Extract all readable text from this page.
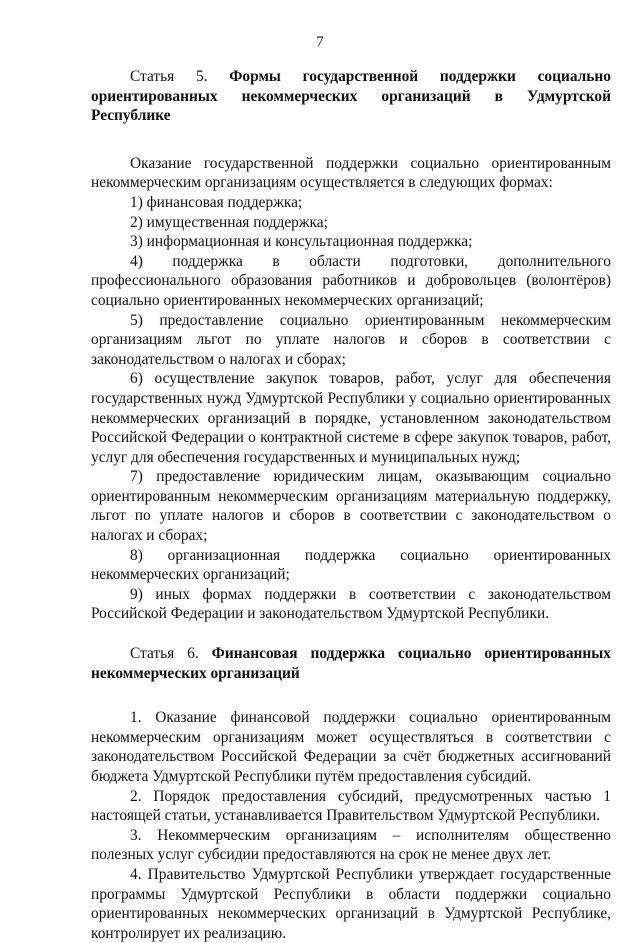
7

Статья 5. Формы государственной поддержки социально ориентированных некоммерческих организаций в Удмуртской Республике

Оказание государственной поддержки социально ориентированным некоммерческим организациям осуществляется в следующих формах:

1) финансовая поддержка;

2) имущественная поддержка;

3) информационная и консультационная поддержка;

4) поддержка в области подготовки, дополнительного профессионального образования работников и добровольцев (волонтёров) социально ориентированных некоммерческих организаций;

5) предоставление социально ориентированным некоммерческим организациям льгот по уплате налогов и сборов в соответствии с законодательством о налогах и сборах;

6) осуществление закупок товаров, работ, услуг для обеспечения государственных нужд Удмуртской Республики у социально ориентированных некоммерческих организаций в порядке, установленном законодательством Российской Федерации о контрактной системе в сфере закупок товаров, работ, услуг для обеспечения государственных и муниципальных нужд;

7) предоставление юридическим лицам, оказывающим социально ориентированным некоммерческим организациям материальную поддержку, льгот по уплате налогов и сборов в соответствии с законодательством о налогах и сборах;

8) организационная поддержка социально ориентированных некоммерческих организаций;

9) иных формах поддержки в соответствии с законодательством Российской Федерации и законодательством Удмуртской Республики.

Статья 6. Финансовая поддержка социально ориентированных некоммерческих организаций

1. Оказание финансовой поддержки социально ориентированным некоммерческим организациям может осуществляться в соответствии с законодательством Российской Федерации за счёт бюджетных ассигнований бюджета Удмуртской Республики путём предоставления субсидий.

2. Порядок предоставления субсидий, предусмотренных частью 1 настоящей статьи, устанавливается Правительством Удмуртской Республики.

3. Некоммерческим организациям – исполнителям общественно полезных услуг субсидии предоставляются на срок не менее двух лет.

4. Правительство Удмуртской Республики утверждает государственные программы Удмуртской Республики в области поддержки социально ориентированных некоммерческих организаций в Удмуртской Республике, контролирует их реализацию.
